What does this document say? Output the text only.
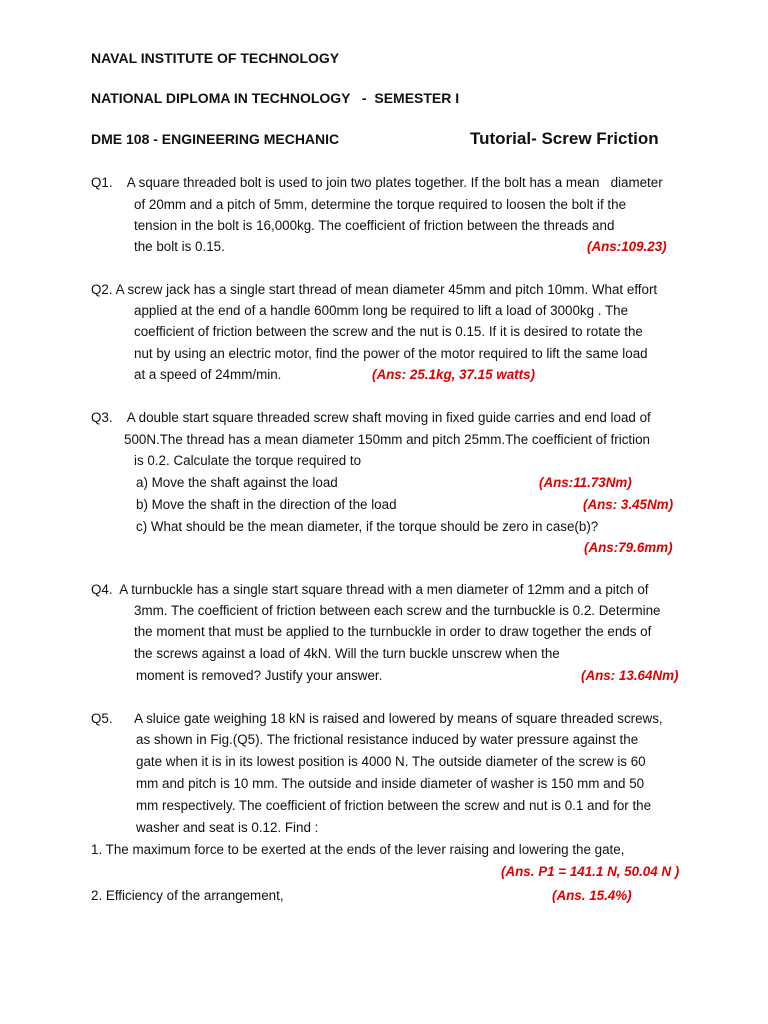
NAVAL INSTITUTE OF TECHNOLOGY
NATIONAL DIPLOMA IN TECHNOLOGY   -  SEMESTER I
DME 108 - ENGINEERING MECHANIC	Tutorial- Screw Friction
Q1.    A square threaded bolt is used to join two plates together. If the bolt has a mean   diameter
of 20mm and a pitch of 5mm, determine the torque required to loosen the bolt if the
tension in the bolt is 16,000kg. The coefficient of friction between the threads and
the bolt is 0.15.	(Ans:109.23)
Q2. A screw jack has a single start thread of mean diameter 45mm and pitch 10mm. What effort
applied at the end of a handle 600mm long be required to lift a load of 3000kg . The
coefficient of friction between the screw and the nut is 0.15. If it is desired to rotate the
nut by using an electric motor, find the power of the motor required to lift the same load
at a speed of 24mm/min.	(Ans: 25.1kg, 37.15 watts)
Q3.    A double start square threaded screw shaft moving in fixed guide carries and end load of
500N.The thread has a mean diameter 150mm and pitch 25mm.The coefficient of friction
is 0.2. Calculate the torque required to
a) Move the shaft against the load	(Ans:11.73Nm)
b) Move the shaft in the direction of the load	(Ans: 3.45Nm)
c) What should be the mean diameter, if the torque should be zero in case(b)?
(Ans:79.6mm)
Q4.  A turnbuckle has a single start square thread with a men diameter of 12mm and a pitch of
3mm. The coefficient of friction between each screw and the turnbuckle is 0.2. Determine
the moment that must be applied to the turnbuckle in order to draw together the ends of
the screws against a load of 4kN. Will the turn buckle unscrew when the
moment is removed? Justify your answer.	(Ans: 13.64Nm)
Q5.      A sluice gate weighing 18 kN is raised and lowered by means of square threaded screws,
as shown in Fig.(Q5). The frictional resistance induced by water pressure against the
gate when it is in its lowest position is 4000 N. The outside diameter of the screw is 60
mm and pitch is 10 mm. The outside and inside diameter of washer is 150 mm and 50
mm respectively. The coefficient of friction between the screw and nut is 0.1 and for the
washer and seat is 0.12. Find :
1. The maximum force to be exerted at the ends of the lever raising and lowering the gate,
(Ans. P1 = 141.1 N, 50.04 N )
2. Efficiency of the arrangement,	(Ans. 15.4%)
